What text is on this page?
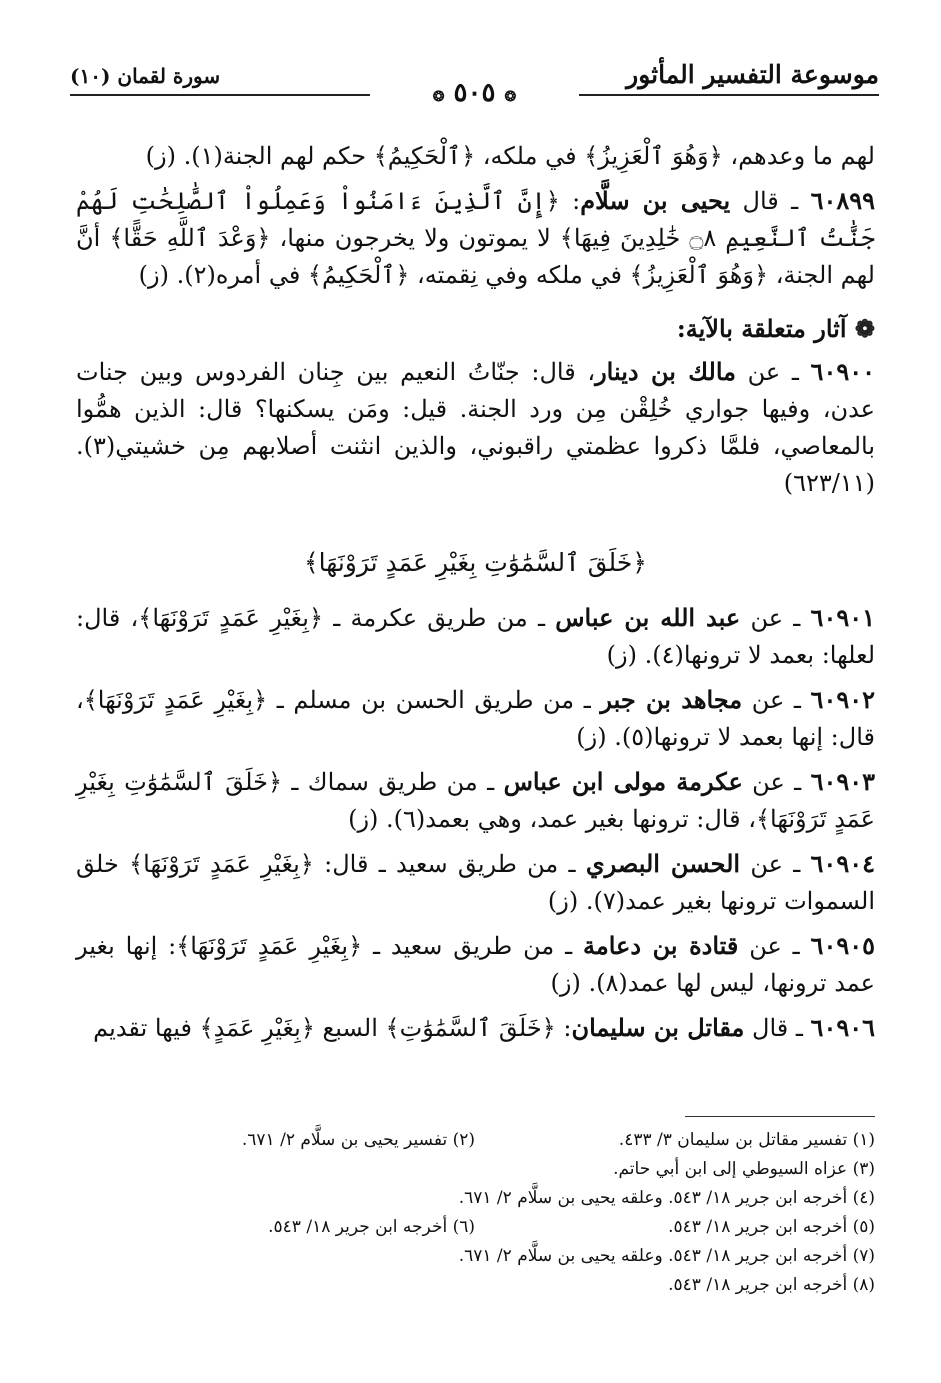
موسوعة التفسير المأثور
سورة لقمان (١٠)
❂ ٥٠٥ ❂

لهم ما وعدهم، ﴿وَهُوَ ٱلْعَزِيزُ﴾ في ملكه، ﴿ٱلْحَكِيمُ﴾ حكم لهم الجنة(١). (ز)

٦٠٨٩٩ ـ قال يحيى بن سلَّام: ﴿إِنَّ ٱلَّذِينَ ءَامَنُواْ وَعَمِلُواْ ٱلصَّٰلِحَٰتِ لَهُمْ جَنَّٰتُ ٱلنَّعِيمِ ۝٨ خَٰلِدِينَ فِيهَا﴾ لا يموتون ولا يخرجون منها، ﴿وَعْدَ ٱللَّهِ حَقًّا﴾ أنَّ لهم الجنة، ﴿وَهُوَ ٱلْعَزِيزُ﴾ في ملكه وفي نِقمته، ﴿ٱلْحَكِيمُ﴾ في أمره(٢). (ز)

❁ آثار متعلقة بالآية:

٦٠٩٠٠ ـ عن مالك بن دينار، قال: جنّاتُ النعيم بين جِنان الفردوس وبين جنات عدن، وفيها جواري خُلِقْن مِن ورد الجنة. قيل: ومَن يسكنها؟ قال: الذين همُّوا بالمعاصي، فلمَّا ذكروا عظمتي راقبوني، والذين انثنت أصلابهم مِن خشيتي(٣). (٦٢٣/١١)

﴿خَلَقَ ٱلسَّمَٰوَٰتِ بِغَيْرِ عَمَدٍ تَرَوْنَهَا﴾

٦٠٩٠١ ـ عن عبد الله بن عباس ـ من طريق عكرمة ـ ﴿بِغَيْرِ عَمَدٍ تَرَوْنَهَا﴾، قال: لعلها: بعمد لا ترونها(٤). (ز)

٦٠٩٠٢ ـ عن مجاهد بن جبر ـ من طريق الحسن بن مسلم ـ ﴿بِغَيْرِ عَمَدٍ تَرَوْنَهَا﴾، قال: إنها بعمد لا ترونها(٥). (ز)

٦٠٩٠٣ ـ عن عكرمة مولى ابن عباس ـ من طريق سماك ـ ﴿خَلَقَ ٱلسَّمَٰوَٰتِ بِغَيْرِ عَمَدٍ تَرَوْنَهَا﴾، قال: ترونها بغير عمد، وهي بعمد(٦). (ز)

٦٠٩٠٤ ـ عن الحسن البصري ـ من طريق سعيد ـ قال: ﴿بِغَيْرِ عَمَدٍ تَرَوْنَهَا﴾ خلق السموات ترونها بغير عمد(٧). (ز)

٦٠٩٠٥ ـ عن قتادة بن دعامة ـ من طريق سعيد ـ ﴿بِغَيْرِ عَمَدٍ تَرَوْنَهَا﴾: إنها بغير عمد ترونها، ليس لها عمد(٨). (ز)

٦٠٩٠٦ ـ قال مقاتل بن سليمان: ﴿خَلَقَ ٱلسَّمَٰوَٰتِ﴾ السبع ﴿بِغَيْرِ عَمَدٍ﴾ فيها تقديم

(١) تفسير مقاتل بن سليمان ٣/ ٤٣٣.
(٢) تفسير يحيى بن سلَّام ٢/ ٦٧١.
(٣) عزاه السيوطي إلى ابن أبي حاتم.
(٤) أخرجه ابن جرير ١٨/ ٥٤٣. وعلقه يحيى بن سلَّام ٢/ ٦٧١.
(٥) أخرجه ابن جرير ١٨/ ٥٤٣.
(٦) أخرجه ابن جرير ١٨/ ٥٤٣.
(٧) أخرجه ابن جرير ١٨/ ٥٤٣. وعلقه يحيى بن سلَّام ٢/ ٦٧١.
(٨) أخرجه ابن جرير ١٨/ ٥٤٣.
